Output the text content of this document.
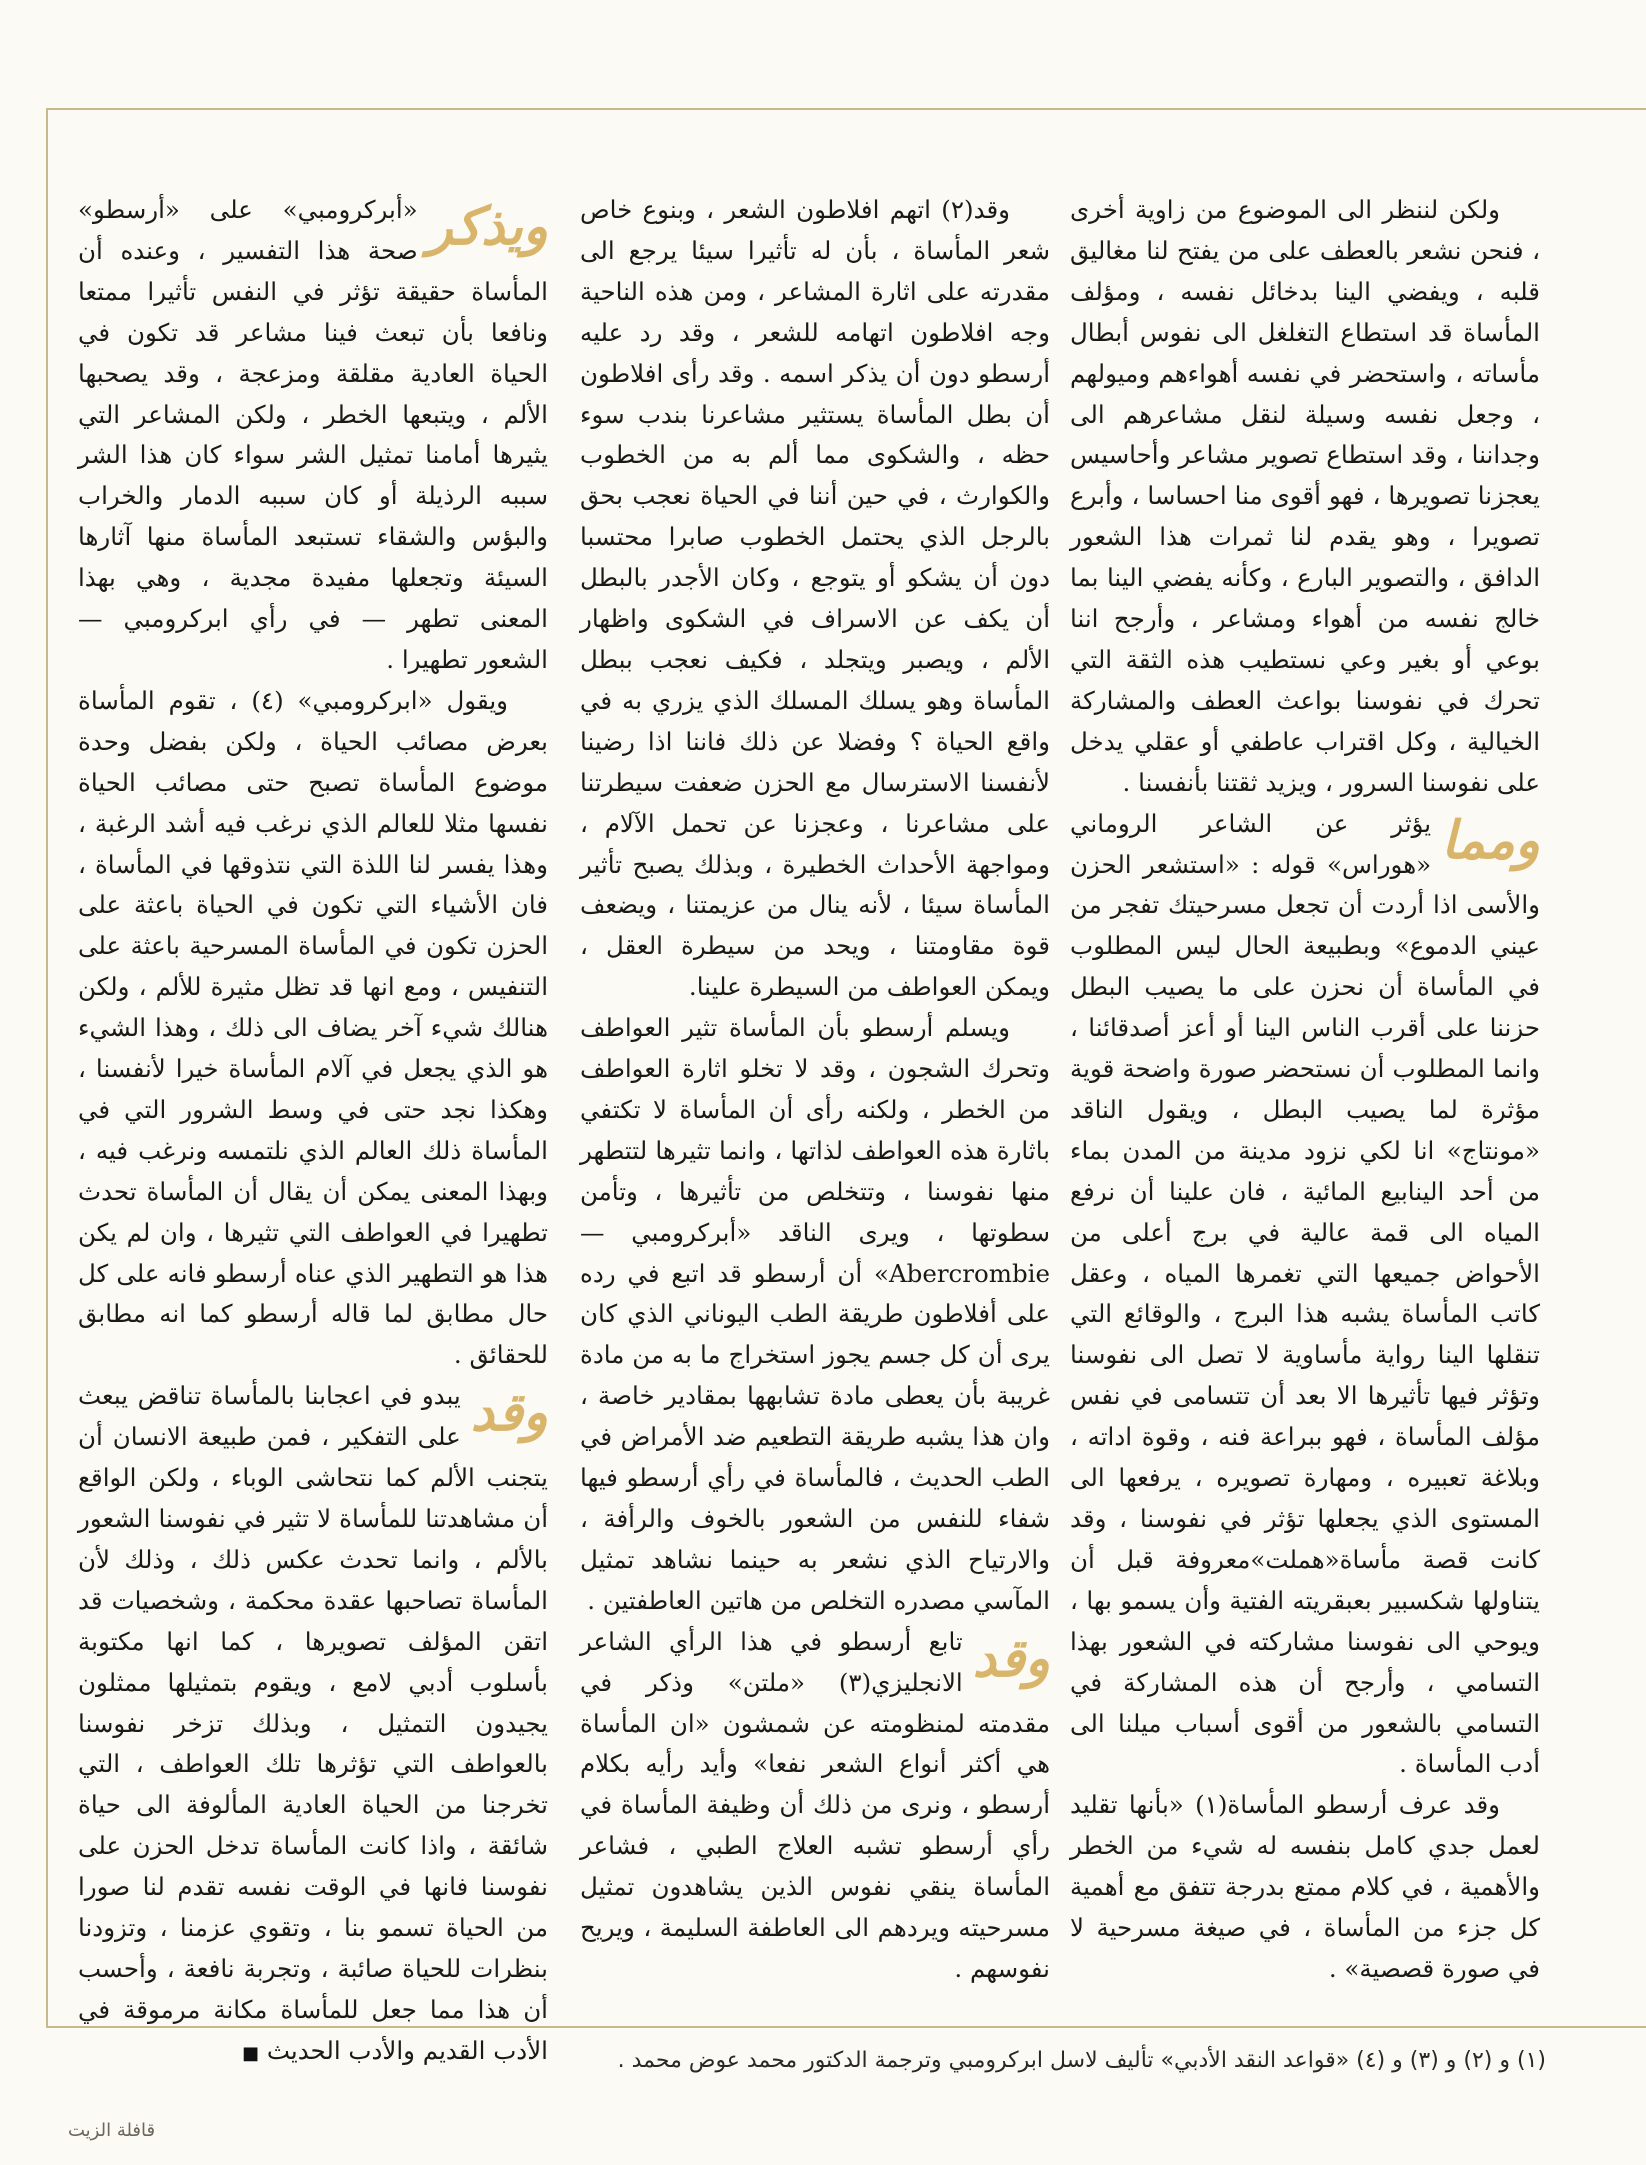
ولكن لننظر الى الموضوع من زاوية أخرى ، فنحن نشعر بالعطف على من يفتح لنا مغاليق قلبه ، ويفضي الينا بدخائل نفسه ، ومؤلف المأساة قد استطاع التغلغل الى نفوس أبطال مأساته ، واستحضر في نفسه أهواءهم وميولهم ، وجعل نفسه وسيلة لنقل مشاعرهم الى وجداننا ، وقد استطاع تصوير مشاعر وأحاسيس يعجزنا تصويرها ، فهو أقوى منا احساسا ، وأبرع تصويرا ، وهو يقدم لنا ثمرات هذا الشعور الدافق ، والتصوير البارع ، وكأنه يفضي الينا بما خالج نفسه من أهواء ومشاعر ، وأرجح اننا بوعي أو بغير وعي نستطيب هذه الثقة التي تحرك في نفوسنا بواعث العطف والمشاركة الخيالية ، وكل اقتراب عاطفي أو عقلي يدخل على نفوسنا السرور ، ويزيد ثقتنا بأنفسنا .

ومما
يؤثر عن الشاعر الروماني «هوراس» قوله : «استشعر الحزن والأسى اذا أردت أن تجعل مسرحيتك تفجر من عيني الدموع» وبطبيعة الحال ليس المطلوب في المأساة أن نحزن على ما يصيب البطل حزننا على أقرب الناس الينا أو أعز أصدقائنا ، وانما المطلوب أن نستحضر صورة واضحة قوية مؤثرة لما يصيب البطل ، ويقول الناقد «مونتاج» انا لكي نزود مدينة من المدن بماء من أحد الينابيع المائية ، فان علينا أن نرفع المياه الى قمة عالية في برج أعلى من الأحواض جميعها التي تغمرها المياه ، وعقل كاتب المأساة يشبه هذا البرج ، والوقائع التي تنقلها الينا رواية مأساوية لا تصل الى نفوسنا وتؤثر فيها تأثيرها الا بعد أن تتسامى في نفس مؤلف المأساة ، فهو ببراعة فنه ، وقوة اداته ، وبلاغة تعبيره ، ومهارة تصويره ، يرفعها الى المستوى الذي يجعلها تؤثر في نفوسنا ، وقد كانت قصة مأساة«هملت»معروفة قبل أن يتناولها شكسبير بعبقريته الفتية وأن يسمو بها ، ويوحي الى نفوسنا مشاركته في الشعور بهذا التسامي ، وأرجح أن هذه المشاركة في التسامي بالشعور من أقوى أسباب ميلنا الى أدب المأساة .

وقد عرف أرسطو المأساة(١) «بأنها تقليد لعمل جدي كامل بنفسه له شيء من الخطر والأهمية ، في كلام ممتع بدرجة تتفق مع أهمية كل جزء من المأساة ، في صيغة مسرحية لا في صورة قصصية» .

وقد(٢) اتهم افلاطون الشعر ، وبنوع خاص شعر المأساة ، بأن له تأثيرا سيئا يرجع الى مقدرته على اثارة المشاعر ، ومن هذه الناحية وجه افلاطون اتهامه للشعر ، وقد رد عليه أرسطو دون أن يذكر اسمه . وقد رأى افلاطون أن بطل المأساة يستثير مشاعرنا بندب سوء حظه ، والشكوى مما ألم به من الخطوب والكوارث ، في حين أننا في الحياة نعجب بحق بالرجل الذي يحتمل الخطوب صابرا محتسبا دون أن يشكو أو يتوجع ، وكان الأجدر بالبطل أن يكف عن الاسراف في الشكوى واظهار الألم ، ويصبر ويتجلد ، فكيف نعجب ببطل المأساة وهو يسلك المسلك الذي يزري به في واقع الحياة ؟ وفضلا عن ذلك فاننا اذا رضينا لأنفسنا الاسترسال مع الحزن ضعفت سيطرتنا على مشاعرنا ، وعجزنا عن تحمل الآلام ، ومواجهة الأحداث الخطيرة ، وبذلك يصبح تأثير المأساة سيئا ، لأنه ينال من عزيمتنا ، ويضعف قوة مقاومتنا ، ويحد من سيطرة العقل ، ويمكن العواطف من السيطرة علينا.

ويسلم أرسطو بأن المأساة تثير العواطف وتحرك الشجون ، وقد لا تخلو اثارة العواطف من الخطر ، ولكنه رأى أن المأساة لا تكتفي باثارة هذه العواطف لذاتها ، وانما تثيرها لتتطهر منها نفوسنا ، وتتخلص من تأثيرها ، وتأمن سطوتها ، ويرى الناقد «أبركرومبي — Abercrombie» أن أرسطو قد اتبع في رده على أفلاطون طريقة الطب اليوناني الذي كان يرى أن كل جسم يجوز استخراج ما به من مادة غريبة بأن يعطى مادة تشابهها بمقادير خاصة ، وان هذا يشبه طريقة التطعيم ضد الأمراض في الطب الحديث ، فالمأساة في رأي أرسطو فيها شفاء للنفس من الشعور بالخوف والرأفة ، والارتياح الذي نشعر به حينما نشاهد تمثيل المآسي مصدره التخلص من هاتين العاطفتين .

وقد
تابع أرسطو في هذا الرأي الشاعر الانجليزي(٣) «ملتن» وذكر في مقدمته لمنظومته عن شمشون «ان المأساة هي أكثر أنواع الشعر نفعا» وأيد رأيه بكلام أرسطو ، ونرى من ذلك أن وظيفة المأساة في رأي أرسطو تشبه العلاج الطبي ، فشاعر المأساة ينقي نفوس الذين يشاهدون تمثيل مسرحيته ويردهم الى العاطفة السليمة ، ويريح نفوسهم .

ويذكر
«أبركرومبي» على «أرسطو» صحة هذا التفسير ، وعنده أن المأساة حقيقة تؤثر في النفس تأثيرا ممتعا ونافعا بأن تبعث فينا مشاعر قد تكون في الحياة العادية مقلقة ومزعجة ، وقد يصحبها الألم ، ويتبعها الخطر ، ولكن المشاعر التي يثيرها أمامنا تمثيل الشر سواء كان هذا الشر سببه الرذيلة أو كان سببه الدمار والخراب والبؤس والشقاء تستبعد المأساة منها آثارها السيئة وتجعلها مفيدة مجدية ، وهي بهذا المعنى تطهر — في رأي ابركرومبي — الشعور تطهيرا .

ويقول «ابركرومبي» (٤) ، تقوم المأساة بعرض مصائب الحياة ، ولكن بفضل وحدة موضوع المأساة تصبح حتى مصائب الحياة نفسها مثلا للعالم الذي نرغب فيه أشد الرغبة ، وهذا يفسر لنا اللذة التي نتذوقها في المأساة ، فان الأشياء التي تكون في الحياة باعثة على الحزن تكون في المأساة المسرحية باعثة على التنفيس ، ومع انها قد تظل مثيرة للألم ، ولكن هنالك شيء آخر يضاف الى ذلك ، وهذا الشيء هو الذي يجعل في آلام المأساة خيرا لأنفسنا ، وهكذا نجد حتى في وسط الشرور التي في المأساة ذلك العالم الذي نلتمسه ونرغب فيه ، وبهذا المعنى يمكن أن يقال أن المأساة تحدث تطهيرا في العواطف التي تثيرها ، وان لم يكن هذا هو التطهير الذي عناه أرسطو فانه على كل حال مطابق لما قاله أرسطو كما انه مطابق للحقائق .

وقد
يبدو في اعجابنا بالمأساة تناقض يبعث على التفكير ، فمن طبيعة الانسان أن يتجنب الألم كما نتحاشى الوباء ، ولكن الواقع أن مشاهدتنا للمأساة لا تثير في نفوسنا الشعور بالألم ، وانما تحدث عكس ذلك ، وذلك لأن المأساة تصاحبها عقدة محكمة ، وشخصيات قد اتقن المؤلف تصويرها ، كما انها مكتوبة بأسلوب أدبي لامع ، ويقوم بتمثيلها ممثلون يجيدون التمثيل ، وبذلك تزخر نفوسنا بالعواطف التي تؤثرها تلك العواطف ، التي تخرجنا من الحياة العادية المألوفة الى حياة شائقة ، واذا كانت المأساة تدخل الحزن على نفوسنا فانها في الوقت نفسه تقدم لنا صورا من الحياة تسمو بنا ، وتقوي عزمنا ، وتزودنا بنظرات للحياة صائبة ، وتجربة نافعة ، وأحسب أن هذا مما جعل للمأساة مكانة مرموقة في الأدب القديم والأدب الحديث ■	(١) و (٢) و (٣) و (٤) «قواعد النقد الأدبي» تأليف لاسل ابركرومبي وترجمة الدكتور محمد عوض محمد .
قافلة الزيت
